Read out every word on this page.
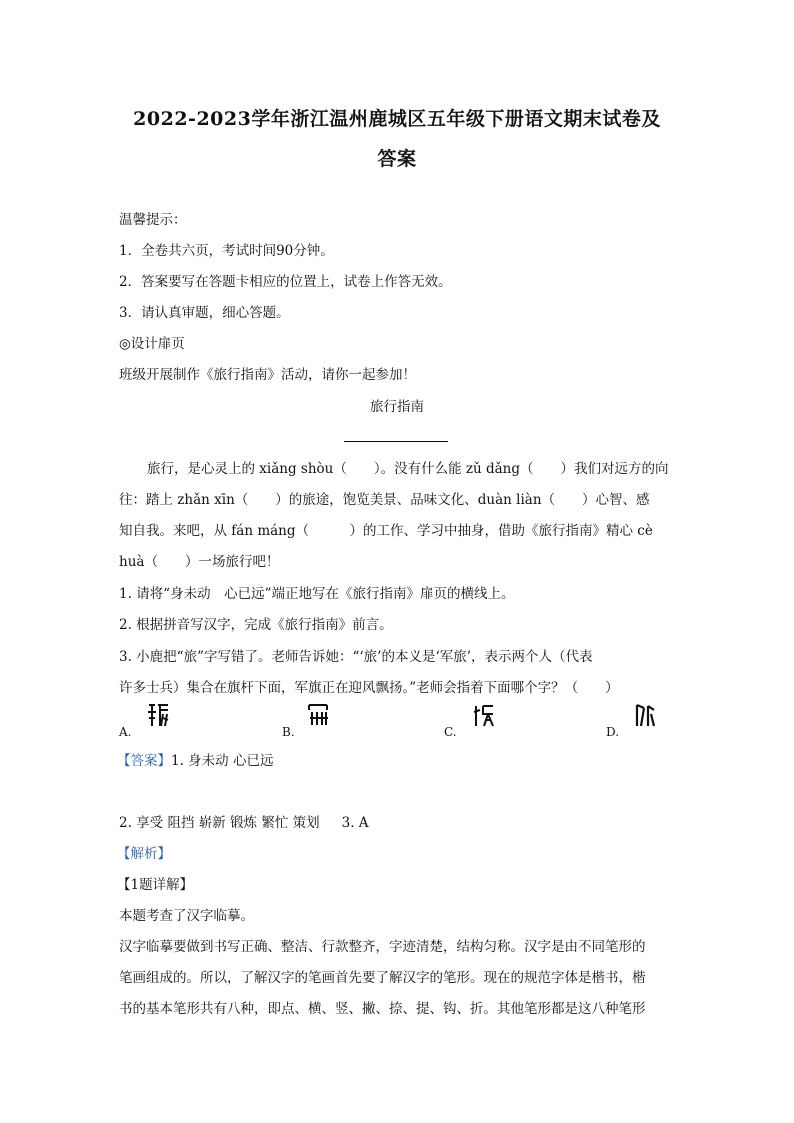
2022-2023学年浙江温州鹿城区五年级下册语文期末试卷及
答案
温馨提示：
1．全卷共六页，考试时间90分钟。
2．答案要写在答题卡相应的位置上，试卷上作答无效。
3．请认真审题，细心答题。
◎设计扉页
班级开展制作《旅行指南》活动，请你一起参加！
旅行指南
旅行，是心灵上的 xiǎng shòu（　　）。没有什么能 zǔ dǎng（　　）我们对远方的向
往：踏上 zhǎn xīn（　　）的旅途，饱览美景、品味文化、duàn liàn（　　）心智、感
知自我。来吧，从 fán máng（　　　）的工作、学习中抽身，借助《旅行指南》精心 cè
huà（　　）一场旅行吧！
1. 请将“身未动　心已远”端正地写在《旅行指南》扉页的横线上。
2. 根据拼音写汉字，完成《旅行指南》前言。
3. 小鹿把“旅”字写错了。老师告诉她：“‘旅’的本义是‘军旅’，表示两个人（代表
许多士兵）集合在旗杆下面，军旗正在迎风飘扬。”老师会指着下面哪个字？（　　）
A.	B.	C.	D.
【答案】1. 身未动 心已远
2. 享受 阻挡 崭新 锻炼 繁忙 策划 3. A
【解析】
【1题详解】
本题考查了汉字临摹。
汉字临摹要做到书写正确、整洁、行款整齐，字迹清楚，结构匀称。汉字是由不同笔形的
笔画组成的。所以，了解汉字的笔画首先要了解汉字的笔形。现在的规范字体是楷书，楷
书的基本笔形共有八种，即点、横、竖、撇、捺、提、钩、折。其他笔形都是这八种笔形
